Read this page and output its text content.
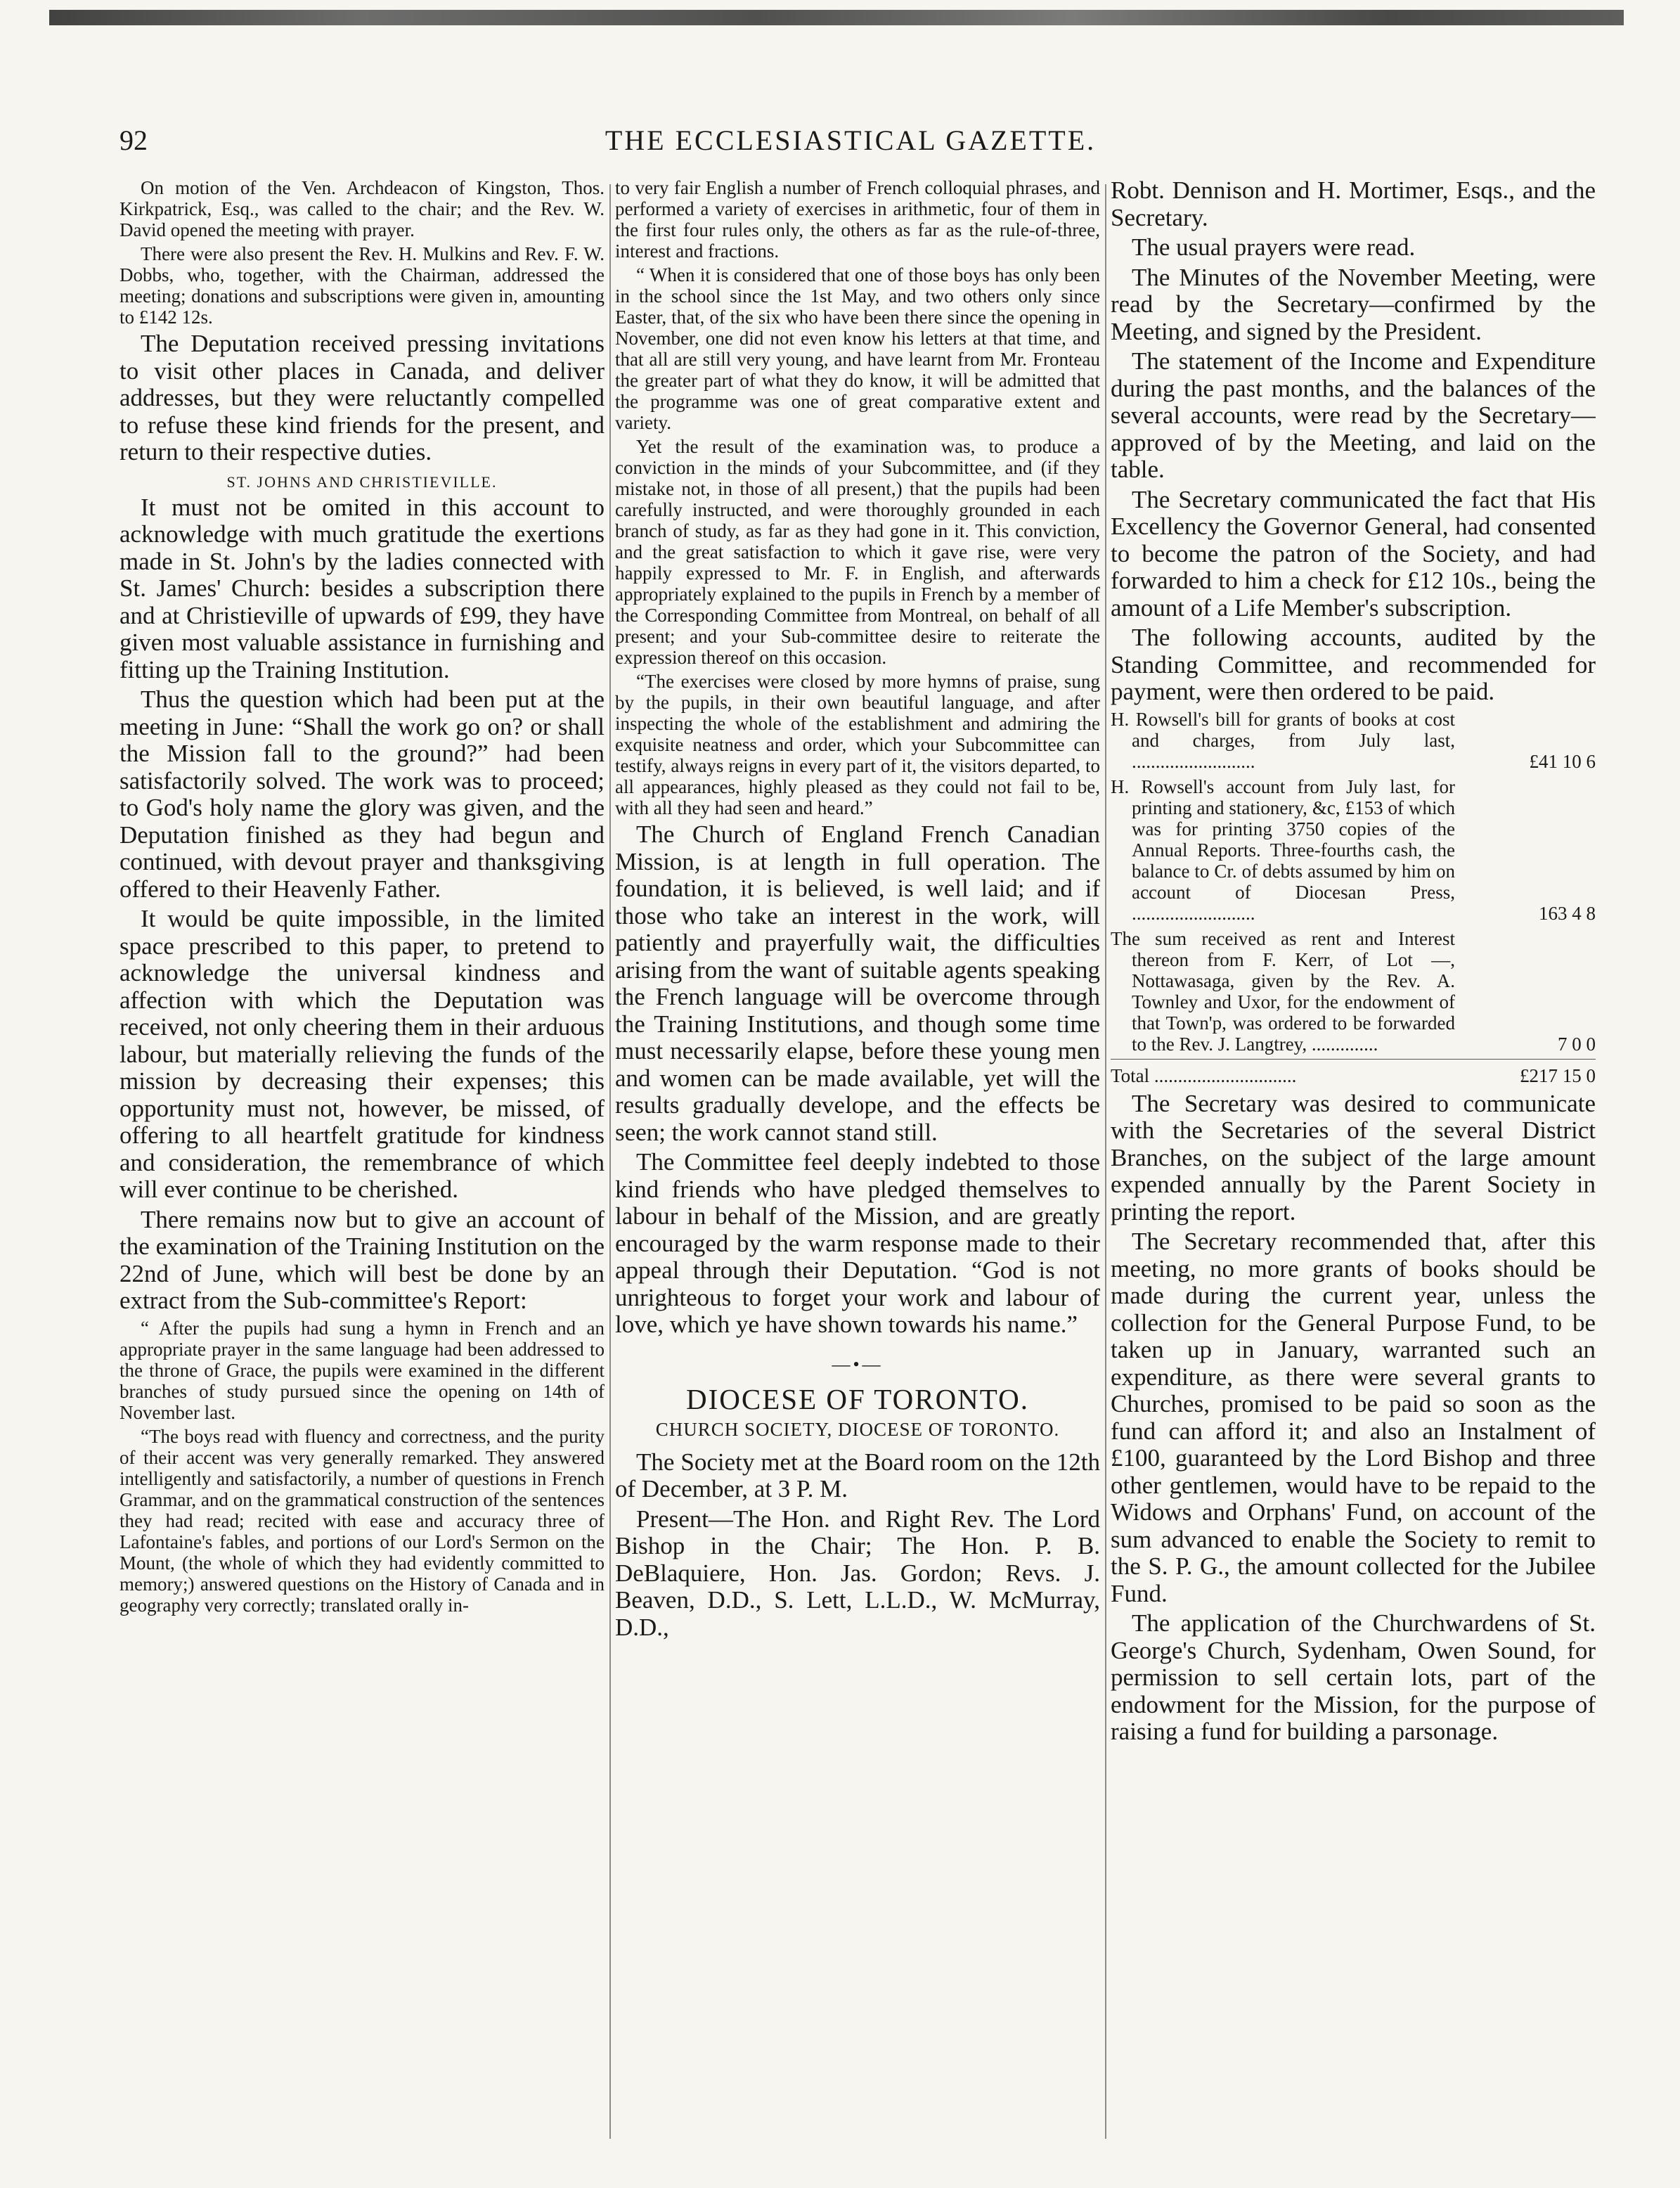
92	THE ECCLESIASTICAL GAZETTE.

On motion of the Ven. Archdeacon of Kingston, Thos. Kirkpatrick, Esq., was called to the chair; and the Rev. W. David opened the meeting with prayer.

There were also present the Rev. H. Mulkins and Rev. F. W. Dobbs, who, together, with the Chairman, addressed the meeting; donations and subscriptions were given in, amounting to £142 12s.

The Deputation received pressing invitations to visit other places in Canada, and deliver addresses, but they were reluctantly compelled to refuse these kind friends for the present, and return to their respective duties.

ST. JOHNS AND CHRISTIEVILLE.

It must not be omited in this account to acknowledge with much gratitude the exertions made in St. John's by the ladies connected with St. James' Church: besides a subscription there and at Christieville of upwards of £99, they have given most valuable assistance in furnishing and fitting up the Training Institution.

Thus the question which had been put at the meeting in June: “Shall the work go on? or shall the Mission fall to the ground?” had been satisfactorily solved. The work was to proceed; to God's holy name the glory was given, and the Deputation finished as they had begun and continued, with devout prayer and thanksgiving offered to their Heavenly Father.

It would be quite impossible, in the limited space prescribed to this paper, to pretend to acknowledge the universal kindness and affection with which the Deputation was received, not only cheering them in their arduous labour, but materially relieving the funds of the mission by decreasing their expenses; this opportunity must not, however, be missed, of offering to all heartfelt gratitude for kindness and consideration, the remembrance of which will ever continue to be cherished.

There remains now but to give an account of the examination of the Training Institution on the 22nd of June, which will best be done by an extract from the Sub-committee's Report:

“ After the pupils had sung a hymn in French and an appropriate prayer in the same language had been addressed to the throne of Grace, the pupils were examined in the different branches of study pursued since the opening on 14th of November last.

“The boys read with fluency and correctness, and the purity of their accent was very generally remarked. They answered intelligently and satisfactorily, a number of questions in French Grammar, and on the grammatical construction of the sentences they had read; recited with ease and accuracy three of Lafontaine's fables, and portions of our Lord's Sermon on the Mount, (the whole of which they had evidently committed to memory;) answered questions on the History of Canada and in geography very correctly; translated orally in-

to very fair English a number of French colloquial phrases, and performed a variety of exercises in arithmetic, four of them in the first four rules only, the others as far as the rule-of-three, interest and fractions.

“ When it is considered that one of those boys has only been in the school since the 1st May, and two others only since Easter, that, of the six who have been there since the opening in November, one did not even know his letters at that time, and that all are still very young, and have learnt from Mr. Fronteau the greater part of what they do know, it will be admitted that the programme was one of great comparative extent and variety.

Yet the result of the examination was, to produce a conviction in the minds of your Subcommittee, and (if they mistake not, in those of all present,) that the pupils had been carefully instructed, and were thoroughly grounded in each branch of study, as far as they had gone in it. This conviction, and the great satisfaction to which it gave rise, were very happily expressed to Mr. F. in English, and afterwards appropriately explained to the pupils in French by a member of the Corresponding Committee from Montreal, on behalf of all present; and your Sub-committee desire to reiterate the expression thereof on this occasion.

“The exercises were closed by more hymns of praise, sung by the pupils, in their own beautiful language, and after inspecting the whole of the establishment and admiring the exquisite neatness and order, which your Subcommittee can testify, always reigns in every part of it, the visitors departed, to all appearances, highly pleased as they could not fail to be, with all they had seen and heard.”

The Church of England French Canadian Mission, is at length in full operation. The foundation, it is believed, is well laid; and if those who take an interest in the work, will patiently and prayerfully wait, the difficulties arising from the want of suitable agents speaking the French language will be overcome through the Training Institutions, and though some time must necessarily elapse, before these young men and women can be made available, yet will the results gradually develope, and the effects be seen; the work cannot stand still.

The Committee feel deeply indebted to those kind friends who have pledged themselves to labour in behalf of the Mission, and are greatly encouraged by the warm response made to their appeal through their Deputation. “God is not unrighteous to forget your work and labour of love, which ye have shown towards his name.”

—•—
DIOCESE OF TORONTO.
CHURCH SOCIETY, DIOCESE OF TORONTO.

The Society met at the Board room on the 12th of December, at 3 P. M.

Present—The Hon. and Right Rev. The Lord Bishop in the Chair; The Hon. P. B. DeBlaquiere, Hon. Jas. Gordon; Revs. J. Beaven, D.D., S. Lett, L.L.D., W. McMurray, D.D.,

Robt. Dennison and H. Mortimer, Esqs., and the Secretary.

The usual prayers were read.

The Minutes of the November Meeting, were read by the Secretary—confirmed by the Meeting, and signed by the President.

The statement of the Income and Expenditure during the past months, and the balances of the several accounts, were read by the Secretary—approved of by the Meeting, and laid on the table.

The Secretary communicated the fact that His Excellency the Governor General, had consented to become the patron of the Society, and had forwarded to him a check for £12 10s., being the amount of a Life Member's subscription.

The following accounts, audited by the Standing Committee, and recommended for payment, were then ordered to be paid.

H. Rowsell's bill for grants of books at cost and charges, from July last, ..........................	£41 10 6
H. Rowsell's account from July last, for printing and stationery, &c, £153 of which was for printing 3750 copies of the Annual Reports. Three-fourths cash, the balance to Cr. of debts assumed by him on account of Diocesan Press, ..........................	163 4 8
The sum received as rent and Interest thereon from F. Kerr, of Lot —, Nottawasaga, given by the Rev. A. Townley and Uxor, for the endowment of that Town'p, was ordered to be forwarded to the Rev. J. Langtrey, ..............	7 0 0
Total ..............................	£217 15 0

The Secretary was desired to communicate with the Secretaries of the several District Branches, on the subject of the large amount expended annually by the Parent Society in printing the report.

The Secretary recommended that, after this meeting, no more grants of books should be made during the current year, unless the collection for the General Purpose Fund, to be taken up in January, warranted such an expenditure, as there were several grants to Churches, promised to be paid so soon as the fund can afford it; and also an Instalment of £100, guaranteed by the Lord Bishop and three other gentlemen, would have to be repaid to the Widows and Orphans' Fund, on account of the sum advanced to enable the Society to remit to the S. P. G., the amount collected for the Jubilee Fund.

The application of the Churchwardens of St. George's Church, Sydenham, Owen Sound, for permission to sell certain lots, part of the endowment for the Mission, for the purpose of raising a fund for building a parsonage.
